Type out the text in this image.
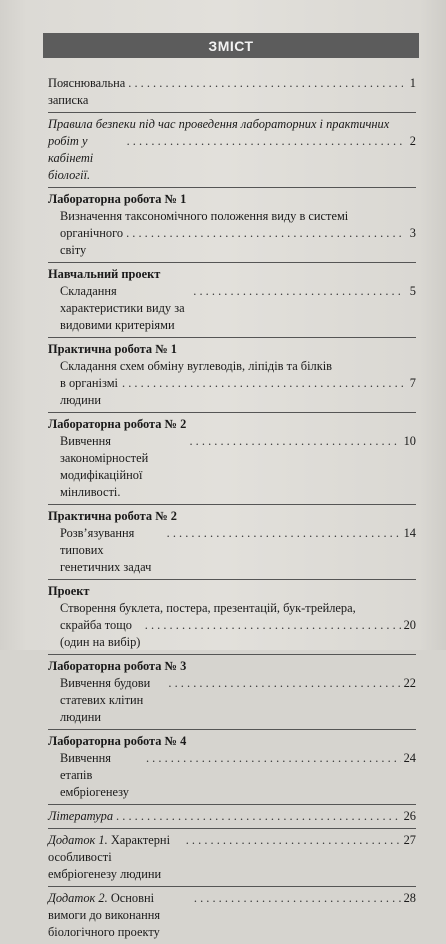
ЗМІСТ
Пояснювальна записка
. . .
1
Правила безпеки під час проведення лабораторних і практичних
робіт у кабінеті біології.
. . .
2
Лабораторна робота № 1
Визначення таксономічного положення виду в системі
органічного світу
. . .
3
Навчальний проект
Складання характеристики виду за видовими критеріями
. . .
5
Практична робота № 1
Складання схем обміну вуглеводів, ліпідів та білків
в організмі людини
. . .
7
Лабораторна робота № 2
Вивчення закономірностей модифікаційної мінливості.
. . .
10
Практична робота № 2
Розв’язування типових генетичних задач
. . .
14
Проект
Створення буклета, постера, презентацій, бук-трейлера,
скрайба тощо (один на вибір)
. . .
20
Лабораторна робота № 3
Вивчення будови статевих клітин людини
. . .
22
Лабораторна робота № 4
Вивчення етапів ембріогенезу
. . .
24
Література
. . .	26
Додаток 1. Характерні особливості ембріогенезу людини
. . .
27
Додаток 2. Основні вимоги до виконання біологічного проекту
. . .
28
